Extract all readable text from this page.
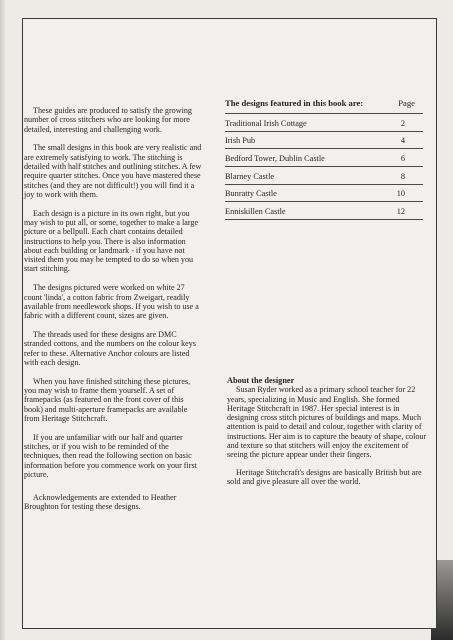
These guides are produced to satisfy the growing number of cross stitchers who are looking for more detailed, interesting and challenging work.

The small designs in this book are very realistic and are extremely satisfying to work. The stitching is detailed with half stitches and outlining stitches. A few require quarter stitches. Once you have mastered these stitches (and they are not difficult!) you will find it a joy to work with them.

Each design is a picture in its own right, but you may wish to put all, or some, together to make a large picture or a bellpull. Each chart contains detailed instructions to help you. There is also information about each building or landmark - if you have not visited them you may be tempted to do so when you start stitching.

The designs pictured were worked on white 27 count 'linda', a cotton fabric from Zweigart, readily available from needlework shops. If you wish to use a fabric with a different count, sizes are given.

The threads used for these designs are DMC stranded cottons, and the numbers on the colour keys refer to these. Alternative Anchor colours are listed with each design.

When you have finished stitching these pictures, you may wish to frame them yourself. A set of framepacks (as featured on the front cover of this book) and multi-aperture framepacks are available from Heritage Stitchcraft.

If you are unfamiliar with our half and quarter stitches, or if you wish to be reminded of the techniques, then read the following section on basic information before you commence work on your first picture.

Acknowledgements are extended to Heather Broughton for testing these designs.

The designs featured in this book are:	Page
Traditional Irish Cottage	2
Irish Pub	4
Bedford Tower, Dublin Castle	6
Blarney Castle	8
Bunratty Castle	10
Enniskillen Castle	12
About the designer

Susan Ryder worked as a primary school teacher for 22 years, specializing in Music and English. She formed Heritage Stitchcraft in 1987. Her special interest is in designing cross stitch pictures of buildings and maps. Much attention is paid to detail and colour, together with clarity of instructions. Her aim is to capture the beauty of shape, colour and texture so that stitchers will enjoy the excitement of seeing the picture appear under their fingers.

Heritage Stitchcraft's designs are basically British but are sold and give pleasure all over the world.
